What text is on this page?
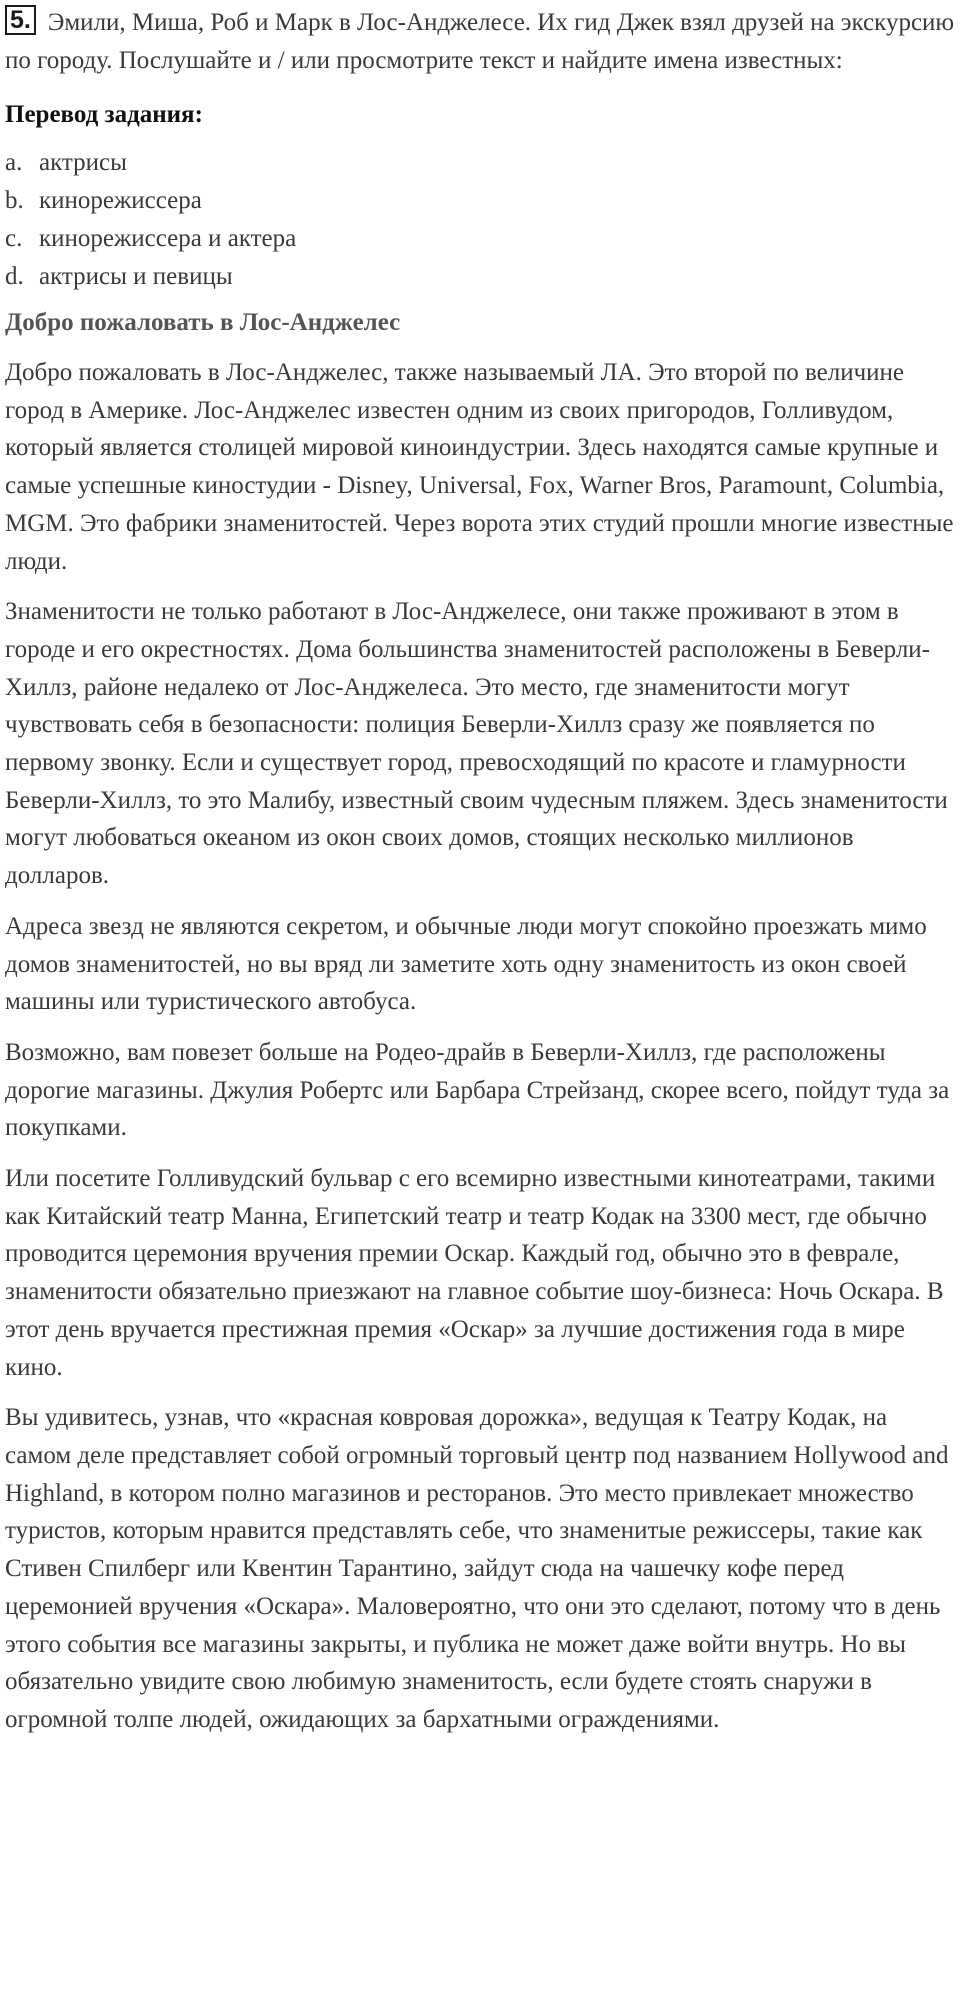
5. Эмили, Миша, Роб и Марк в Лос-Анджелесе. Их гид Джек взял друзей на экскурсию по городу. Послушайте и / или просмотрите текст и найдите имена известных:

Перевод задания:
a. актрисы
b. кинорежиссера
c. кинорежиссера и актера
d. актрисы и певицы
Добро пожаловать в Лос-Анджелес

Добро пожаловать в Лос-Анджелес, также называемый ЛА. Это второй по величине город в Америке. Лос-Анджелес известен одним из своих пригородов, Голливудом, который является столицей мировой киноиндустрии. Здесь находятся самые крупные и самые успешные киностудии - Disney, Universal, Fox, Warner Bros, Paramount, Columbia, MGM. Это фабрики знаменитостей. Через ворота этих студий прошли многие известные люди.

Знаменитости не только работают в Лос-Анджелесе, они также проживают в этом в городе и его окрестностях. Дома большинства знаменитостей расположены в Беверли-Хиллз, районе недалеко от Лос-Анджелеса. Это место, где знаменитости могут чувствовать себя в безопасности: полиция Беверли-Хиллз сразу же появляется по первому звонку. Если и существует город, превосходящий по красоте и гламурности Беверли-Хиллз, то это Малибу, известный своим чудесным пляжем. Здесь знаменитости могут любоваться океаном из окон своих домов, стоящих несколько миллионов долларов.

Адреса звезд не являются секретом, и обычные люди могут спокойно проезжать мимо домов знаменитостей, но вы вряд ли заметите хоть одну знаменитость из окон своей машины или туристического автобуса.

Возможно, вам повезет больше на Родео-драйв в Беверли-Хиллз, где расположены дорогие магазины. Джулия Робертс или Барбара Стрейзанд, скорее всего, пойдут туда за покупками.

Или посетите Голливудский бульвар с его всемирно известными кинотеатрами, такими как Китайский театр Манна, Египетский театр и театр Кодак на 3300 мест, где обычно проводится церемония вручения премии Оскар. Каждый год, обычно это в феврале, знаменитости обязательно приезжают на главное событие шоу-бизнеса: Ночь Оскара. В этот день вручается престижная премия «Оскар» за лучшие достижения года в мире кино.

Вы удивитесь, узнав, что «красная ковровая дорожка», ведущая к Театру Кодак, на самом деле представляет собой огромный торговый центр под названием Hollywood and Highland, в котором полно магазинов и ресторанов. Это место привлекает множество туристов, которым нравится представлять себе, что знаменитые режиссеры, такие как Стивен Спилберг или Квентин Тарантино, зайдут сюда на чашечку кофе перед церемонией вручения «Оскара». Маловероятно, что они это сделают, потому что в день этого события все магазины закрыты, и публика не может даже войти внутрь. Но вы обязательно увидите свою любимую знаменитость, если будете стоять снаружи в огромной толпе людей, ожидающих за бархатными ограждениями.
